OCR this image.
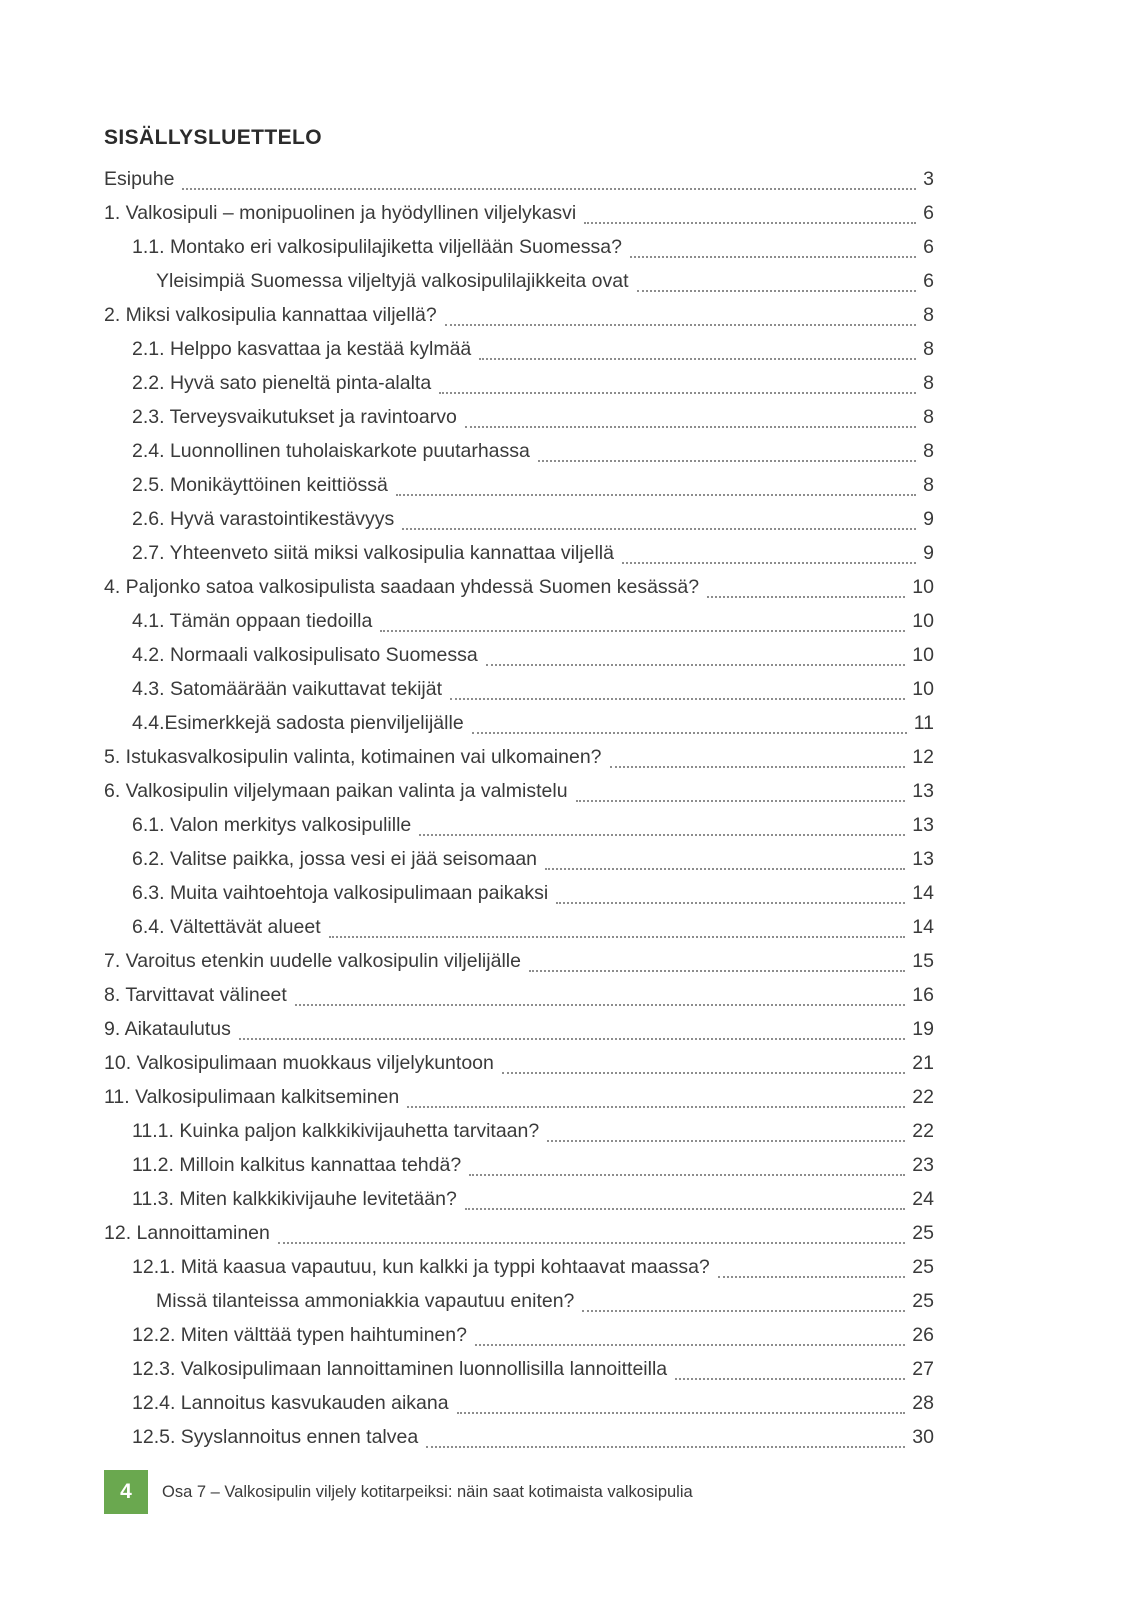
SISÄLLYSLUETTELO
Esipuhe	3
1. Valkosipuli – monipuolinen ja hyödyllinen viljelykasvi	6
1.1. Montako eri valkosipulilajiketta viljellään Suomessa?	6
Yleisimpiä Suomessa viljeltyjä valkosipulilajikkeita ovat	6
2. Miksi valkosipulia kannattaa viljellä?	8
2.1. Helppo kasvattaa ja kestää kylmää	8
2.2. Hyvä sato pieneltä pinta-alalta	8
2.3. Terveysvaikutukset ja ravintoarvo	8
2.4. Luonnollinen tuholaiskarkote puutarhassa	8
2.5. Monikäyttöinen keittiössä	8
2.6. Hyvä varastointikestävyys	9
2.7. Yhteenveto siitä miksi valkosipulia kannattaa viljellä	9
4. Paljonko satoa valkosipulista saadaan yhdessä Suomen kesässä?	10
4.1. Tämän oppaan tiedoilla	10
4.2. Normaali valkosipulisato Suomessa	10
4.3. Satomäärään vaikuttavat tekijät	10
4.4.Esimerkkejä sadosta pienviljelijälle	11
5. Istukasvalkosipulin valinta, kotimainen vai ulkomainen?	12
6. Valkosipulin viljelymaan paikan valinta ja valmistelu	13
6.1. Valon merkitys valkosipulille	13
6.2. Valitse paikka, jossa vesi ei jää seisomaan	13
6.3. Muita vaihtoehtoja valkosipulimaan paikaksi	14
6.4. Vältettävät alueet	14
7. Varoitus etenkin uudelle valkosipulin viljelijälle	15
8. Tarvittavat välineet	16
9. Aikataulutus	19
10. Valkosipulimaan muokkaus viljelykuntoon	21
11. Valkosipulimaan kalkitseminen	22
11.1. Kuinka paljon kalkkikivijauhetta tarvitaan?	22
11.2. Milloin kalkitus kannattaa tehdä?	23
11.3. Miten kalkkikivijauhe levitetään?	24
12. Lannoittaminen	25
12.1. Mitä kaasua vapautuu, kun kalkki ja typpi kohtaavat maassa?	25
Missä tilanteissa ammoniakkia vapautuu eniten?	25
12.2. Miten välttää typen haihtuminen?	26
12.3. Valkosipulimaan lannoittaminen luonnollisilla lannoitteilla	27
12.4. Lannoitus kasvukauden aikana	28
12.5. Syyslannoitus ennen talvea	30
4	Osa 7 – Valkosipulin viljely kotitarpeiksi: näin saat kotimaista valkosipulia
